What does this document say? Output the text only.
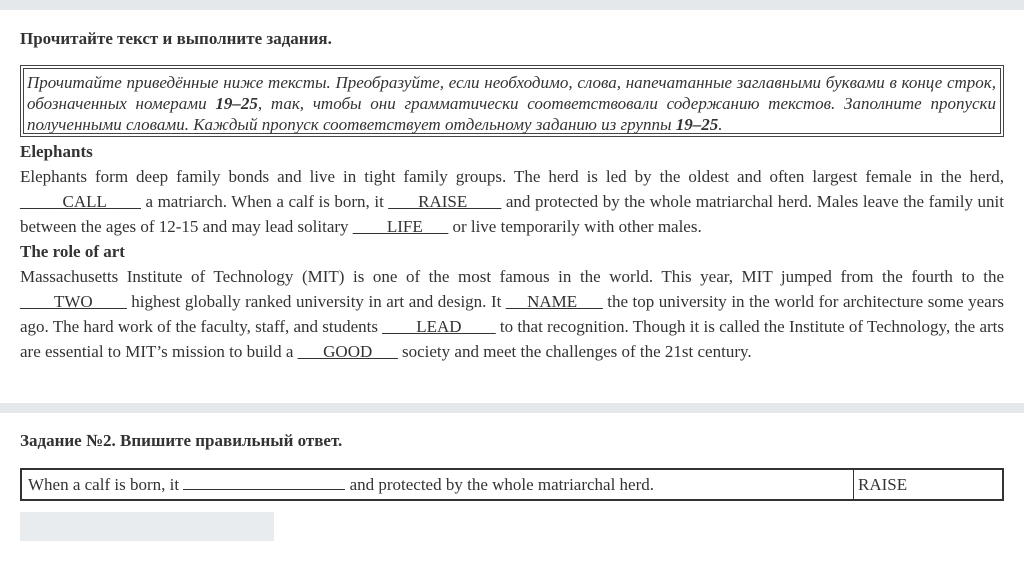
Прочитайте текст и выполните задания.
Прочитайте приведённые ниже тексты. Преобразуйте, если необходимо, слова, напечатанные заглавными буквами в конце строк, обозначенных номерами 19–25, так, чтобы они грамматически соответствовали содержанию текстов. Заполните пропуски полученными словами. Каждый пропуск соответствует отдельному заданию из группы 19–25.
Elephants
Elephants form deep family bonds and live in tight family groups. The herd is led by the oldest and often largest female in the herd, _____CALL____ a matriarch. When a calf is born, it ___ RAISE____ and protected by the whole matriarchal herd. Males leave the family unit between the ages of 12-15 and may lead solitary ____LIFE___ or live temporarily with other males.
The role of art
Massachusetts Institute of Technology (MIT) is one of the most famous in the world. This year, MIT jumped from the fourth to the ____TWO____ highest globally ranked university in art and design. It __ NAME___ the top university in the world for architecture some years ago. The hard work of the faculty, staff, and students ____LEAD____ to that recognition. Though it is called the Institute of Technology, the arts are essential to MIT’s mission to build a ___GOOD___ society and meet the challenges of the 21st century.
Задание №2. Впишите правильный ответ.
When a calf is born, it	and protected by the whole matriarchal herd.	RAISE
